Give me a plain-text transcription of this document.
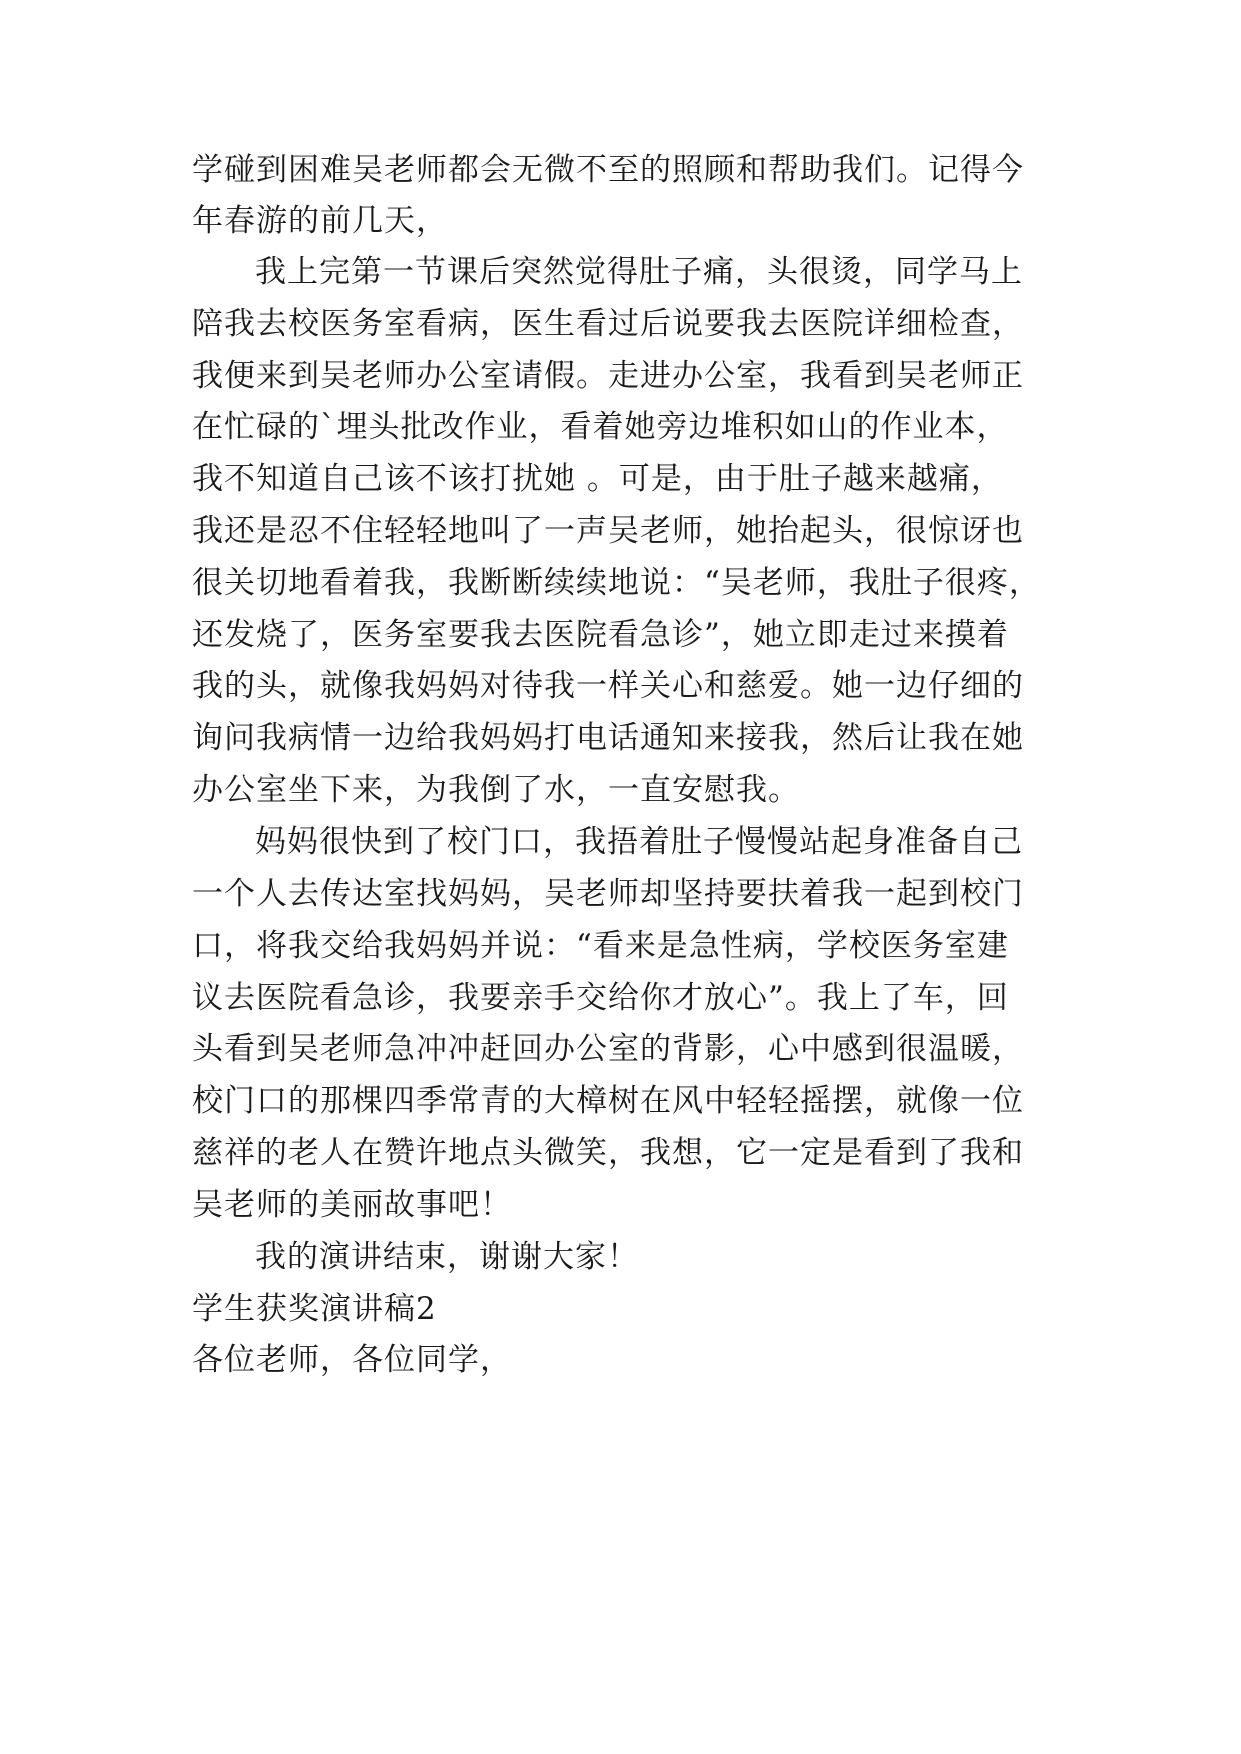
学碰到困难吴老师都会无微不至的照顾和帮助我们。记得今
年春游的前几天，
我上完第一节课后突然觉得肚子痛，头很烫，同学马上
陪我去校医务室看病，医生看过后说要我去医院详细检查，
我便来到吴老师办公室请假。走进办公室，我看到吴老师正
在忙碌的`埋头批改作业，看着她旁边堆积如山的作业本，
我不知道自己该不该打扰她 。可是，由于肚子越来越痛，
我还是忍不住轻轻地叫了一声吴老师，她抬起头，很惊讶也
很关切地看着我，我断断续续地说：“吴老师，我肚子很疼，
还发烧了，医务室要我去医院看急诊”，她立即走过来摸着
我的头，就像我妈妈对待我一样关心和慈爱。她一边仔细的
询问我病情一边给我妈妈打电话通知来接我，然后让我在她
办公室坐下来，为我倒了水，一直安慰我。
妈妈很快到了校门口，我捂着肚子慢慢站起身准备自己
一个人去传达室找妈妈，吴老师却坚持要扶着我一起到校门
口，将我交给我妈妈并说：“看来是急性病，学校医务室建
议去医院看急诊，我要亲手交给你才放心”。我上了车，回
头看到吴老师急冲冲赶回办公室的背影，心中感到很温暖，
校门口的那棵四季常青的大樟树在风中轻轻摇摆，就像一位
慈祥的老人在赞许地点头微笑，我想，它一定是看到了我和
吴老师的美丽故事吧！
我的演讲结束，谢谢大家！
学生获奖演讲稿2
各位老师，各位同学，
